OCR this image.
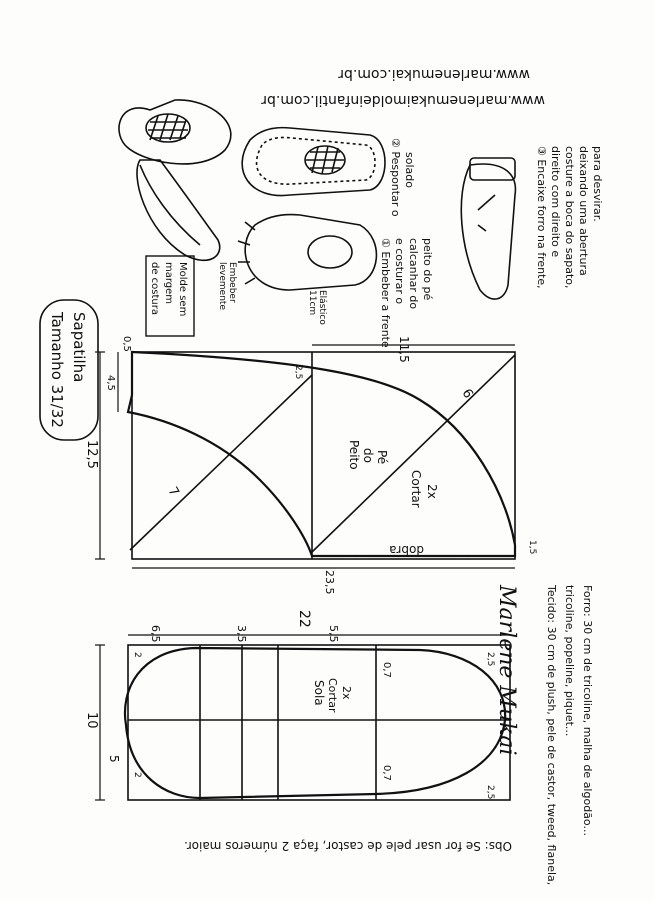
Sapatilha
Tamanho 31/32
www.marlenemukai.com.br
www.marlenemukaimoldeinfantil.com.br
Molde sem
margem
de costura	Embeber
levemente	Elástico
11cm	① Embeber a frente e costurar o calcanhar do peito do pé
② Pespontar o solado	③ Encaixe forro na frente, direito com direito e costure a boca do sapato, deixando uma abertura para desvirar.
12,5
0,5
4,5
11,5
2,5
6
7
23,5
1,5
Peito do Pé
Cortar 2x
dobra
Marlene Mukai
10
5
22
6,5	3,5	5,5
2
2
2,5
2,5
0,7
0,7
Sola Cortar 2x	Tecido: 30 cm de plush, pele de castor, tweed, flanela, tricoline, popeline, piquet... Forro: 30 cm de tricoline, malha de algodão...
Obs: Se for usar pele de castor, faça 2 números maior.
